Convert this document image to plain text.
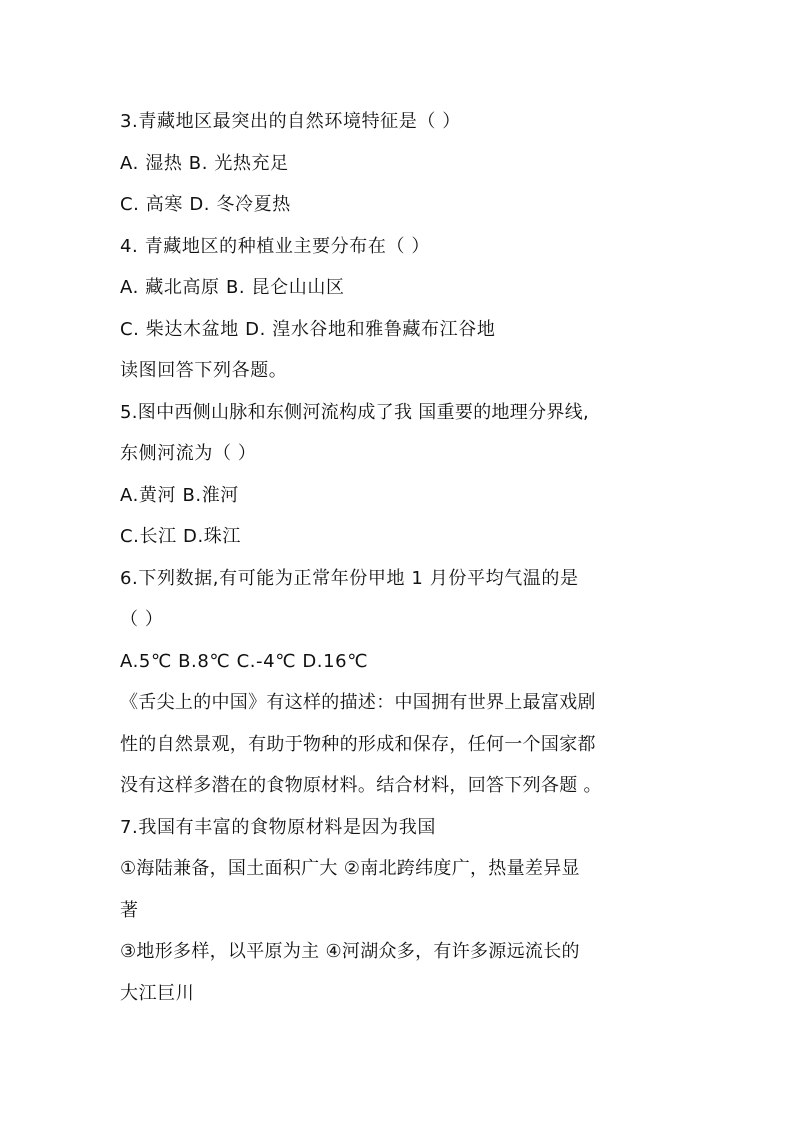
3.青藏地区最突出的自然环境特征是（ ）
A. 湿热 B. 光热充足
C. 高寒 D. 冬冷夏热
4. 青藏地区的种植业主要分布在（ ）
A. 藏北高原 B. 昆仑山山区
C. 柴达木盆地 D. 湟水谷地和雅鲁藏布江谷地
读图回答下列各题。
5.图中西侧山脉和东侧河流构成了我 国重要的地理分界线,
东侧河流为（ ）
A.黄河 B.淮河
C.长江 D.珠江
6.下列数据,有可能为正常年份甲地 1 月份平均气温的是
（ ）
A.5℃ B.8℃ C.-4℃ D.16℃
《舌尖上的中国》有这样的描述：中国拥有世界上最富戏剧
性的自然景观，有助于物种的形成和保存，任何一个国家都
没有这样多潜在的食物原材料。结合材料，回答下列各题 。
7.我国有丰富的食物原材料是因为我国
①海陆兼备，国土面积广大 ②南北跨纬度广，热量差异显
著
③地形多样，以平原为主 ④河湖众多，有许多源远流长的
大江巨川
